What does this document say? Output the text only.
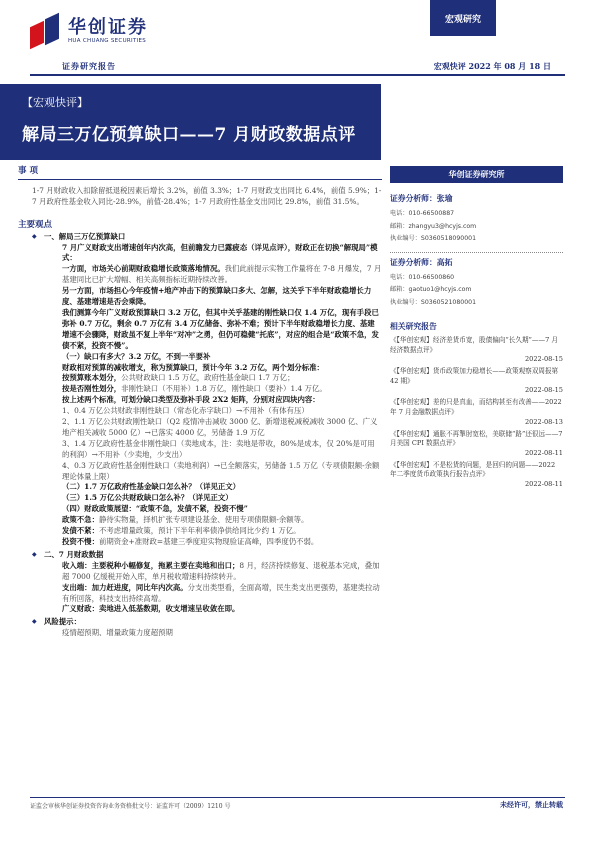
华创证券
HUA CHUANG SECURITIES
证券研究报告
宏观研究
宏观快评 2022 年 08 月 18 日
【宏观快评】
解局三万亿预算缺口——7 月财政数据点评
事 项
1-7 月财政收入扣除留抵退税因素后增长 3.2%，前值 3.3%；1-7 月财政支出同比 6.4%，前值 5.9%；1-7 月政府性基金收入同比-28.9%，前值-28.4%；1-7 月政府性基金支出同比 29.8%，前值 31.5%。
主要观点
◆ 一、解局三万亿预算缺口
7 月广义财政支出增速创年内次高，但前瞻发力已露疲态（详见点评），财政正在切换“解现局”模式：
一方面，市场关心前期财政稳增长政策落地情况。我们此前提示实物工作量将在 7-8 月爆发，7 月基建同比已扩大增幅、相关高频指标近期持续改善。
另一方面，市场担心今年疫情+地产冲击下的预算缺口多大、怎解，这关乎下半年财政稳增长力度、基建增速是否会乘降。
我们测算今年广义财政预算缺口 3.2 万亿，但其中关乎基建的刚性缺口仅 1.4 万亿，现有手段已弥补 0.7 万亿，剩余 0.7 万亿有 3.4 万亿储备、弥补不难；预计下半年财政稳增长力度、基建增速不会骤降，财政虽不复上半年“对冲”之勇，但仍可稳健“托底”，对应的组合是“政策不急，发债不紧，投资不慢”。
（一）缺口有多大？3.2 万亿，不到一半要补
财政相对预算的减收增支，称为预算缺口，预计今年 3.2 万亿，两个划分标准：
按预算账本划分，公共财政缺口 1.5 万亿，政府性基金缺口 1.7 万亿；
按是否刚性划分，非刚性缺口（不用补）1.8 万亿，刚性缺口（要补）1.4 万亿。
按上述两个标准，可划分缺口类型及弥补手段 2X2 矩阵，分别对应四块内容：
1、0.4 万亿公共财政非刚性缺口（常态化赤字缺口）→不用补（有体有压）
2、1.1 万亿公共财政刚性缺口（Q2 疫情冲击减收 3000 亿、新增退税减税减收 3000 亿、广义地产相关减收 5000 亿）→已落实 4000 亿，另储备 1.9 万亿
3、1.4 万亿政府性基金非刚性缺口（卖地成本，注：卖地是带收，80%是成本，仅 20%是可用的利润）→不用补（少卖地，少支出）
4、0.3 万亿政府性基金刚性缺口（卖地利润）→已全额落实，另储备 1.5 万亿（专项债限额-余额理论体量上限）
（二）1.7 万亿政府性基金缺口怎么补？（详见正文）
（三）1.5 万亿公共财政缺口怎么补？（详见正文）
（四）财政政策展望：“政策不急，发债不紧，投资不慢”
政策不急：静待实物量，择机扩张专项建设基金、使用专项债限额-余额等。
发债不紧：不考虑增量政策，预计下半年利率债净供给同比少约 1 万亿。
投资不慢：前期资金+准财政=基建三季度迎实物现验证高峰，四季度仍不弱。
◆ 二、7 月财政数据
收入端：主要税种小幅修复，拖累主要在卖地和出口；8 月，经济持续修复、退税基本完成，叠加超 7000 亿缓税开始入库，单月税收增速料持续转升。
支出端：加力赶进度，同比年内次高。分支出类型看，全面高增，民生类支出更强势，基建类拉动有所回落，科技支出持续高增。
广义财政：卖地进入低基数期，收支增速呈收敛在即。
◆ 风险提示：
疫情超预期、增量政策力度超预期
华创证券研究所
证券分析师：张瑜
电话：010-66500887
邮箱：zhangyu3@hcyjs.com
执业编号：S0360518090001
证券分析师：高拓
电话：010-66500860
邮箱：gaotuo1@hcyjs.com
执业编号：S0360521080001
相关研究报告
《【华创宏观】经济差货币宽，股债偏向“长久期”——7 月经济数据点评》
2022-08-15
《【华创宏观】货币政策加力稳增长——政策观察双周报第 42 期》
2022-08-15
《【华创宏观】差的只是真血，而结构甚至有改善——2022 年 7 月金融数据点评》
2022-08-13
《【华创宏观】通胀不再掣肘宽松，美联储“路”还很远——7 月美国 CPI 数据点评》
2022-08-11
《【华创宏观】不是松货的问题，是回归的问题——2022 年二季度货币政策执行报告点评》
2022-08-11
证监会审核华创证券投资咨询业务资格批文号：证监许可（2009）1210 号	未经许可，禁止转载
